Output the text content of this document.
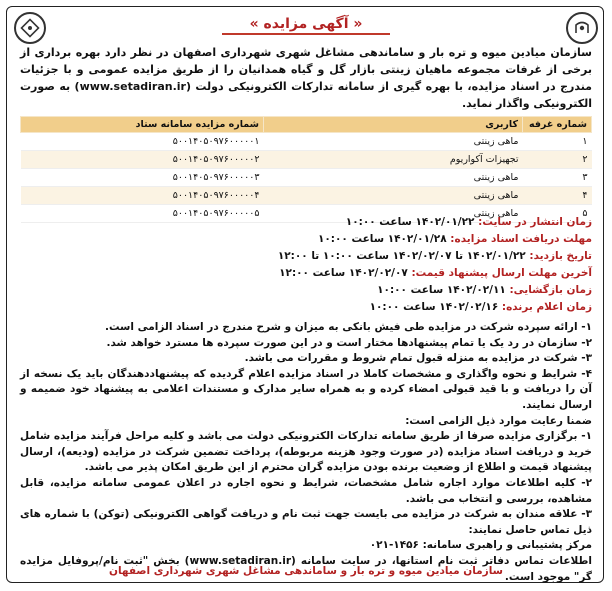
« آگهی مزایده »
سازمان میادین میوه و تره بار و ساماندهی مشاغل شهری شهرداری اصفهان در نظر دارد بهره برداری از برخی از غرفات مجموعه ماهیان زینتی بازار گل و گیاه همدانیان را از طریق مزایده عمومی و با جزئیات مندرج در اسناد مزایده، با بهره گیری از سامانه تدارکات الکترونیکی دولت (www.setadiran.ir) به صورت الکترونیکی واگذار نماید.
شماره غرفه	کاربری	شماره مزایده سامانه ستاد
۱	ماهی زینتی	۵۰۰۱۴۰۵۰۹۷۶۰۰۰۰۰۱
۲	تجهیزات آکواریوم	۵۰۰۱۴۰۵۰۹۷۶۰۰۰۰۰۲
۳	ماهی زینتی	۵۰۰۱۴۰۵۰۹۷۶۰۰۰۰۰۳
۴	ماهی زینتی	۵۰۰۱۴۰۵۰۹۷۶۰۰۰۰۰۴
۵	ماهی زینتی	۵۰۰۱۴۰۵۰۹۷۶۰۰۰۰۰۵
زمان انتشار در سایت: ۱۴۰۲/۰۱/۲۲ ساعت ۱۰:۰۰
مهلت دریافت اسناد مزایده: ۱۴۰۲/۰۱/۲۸ ساعت ۱۰:۰۰
تاریخ بازدید: ۱۴۰۲/۰۱/۲۲ تا ۱۴۰۲/۰۲/۰۷ ساعت ۱۰:۰۰ تا ۱۲:۰۰
آخرین مهلت ارسال پیشنهاد قیمت: ۱۴۰۲/۰۲/۰۷ ساعت ۱۲:۰۰
زمان بازگشایی: ۱۴۰۲/۰۲/۱۱ ساعت ۱۰:۰۰
زمان اعلام برنده: ۱۴۰۲/۰۲/۱۶ ساعت ۱۰:۰۰

۱- ارائه سپرده شرکت در مزایده طی فیش بانکی به میزان و شرح مندرج در اسناد الزامی است.

۲- سازمان در رد یک یا تمام پیشنهادها مختار است و در این صورت سپرده ها مسترد خواهد شد.

۳- شرکت در مزایده به منزله قبول تمام شروط و مقررات می باشد.

۴- شرایط و نحوه واگذاری و مشخصات کاملا در اسناد مزایده اعلام گردیده که پیشنهاددهندگان باید یک نسخه از آن را دریافت و با قید قبولی امضاء کرده و به همراه سایر مدارک و مستندات اعلامی به پیشنهاد خود ضمیمه و ارسال نمایند.

ضمنا رعایت موارد ذیل الزامی است:

۱- برگزاری مزایده صرفا از طریق سامانه تدارکات الکترونیکی دولت می باشد و کلیه مراحل فرآیند مزایده شامل خرید و دریافت اسناد مزایده (در صورت وجود هزینه مربوطه)، پرداخت تضمین شرکت در مزایده (ودیعه)، ارسال پیشنهاد قیمت و اطلاع از وضعیت برنده بودن مزایده گران محترم از این طریق امکان پذیر می باشد.

۲- کلیه اطلاعات موارد اجاره شامل مشخصات، شرایط و نحوه اجاره در اعلان عمومی سامانه مزایده، قابل مشاهده، بررسی و انتخاب می باشد.

۳- علاقه مندان به شرکت در مزایده می بایست جهت ثبت نام و دریافت گواهی الکترونیکی (توکن) با شماره های ذیل تماس حاصل نمایند:

مرکز پشتیبانی و راهبری سامانه: ۱۴۵۶-۰۲۱

اطلاعات تماس دفاتر ثبت نام استانها، در سایت سامانه (www.setadiran.ir) بخش "ثبت نام/پروفایل مزایده گر" موجود است.

سازمان میادین میوه و تره بار و ساماندهی مشاغل شهری شهرداری اصفهان
